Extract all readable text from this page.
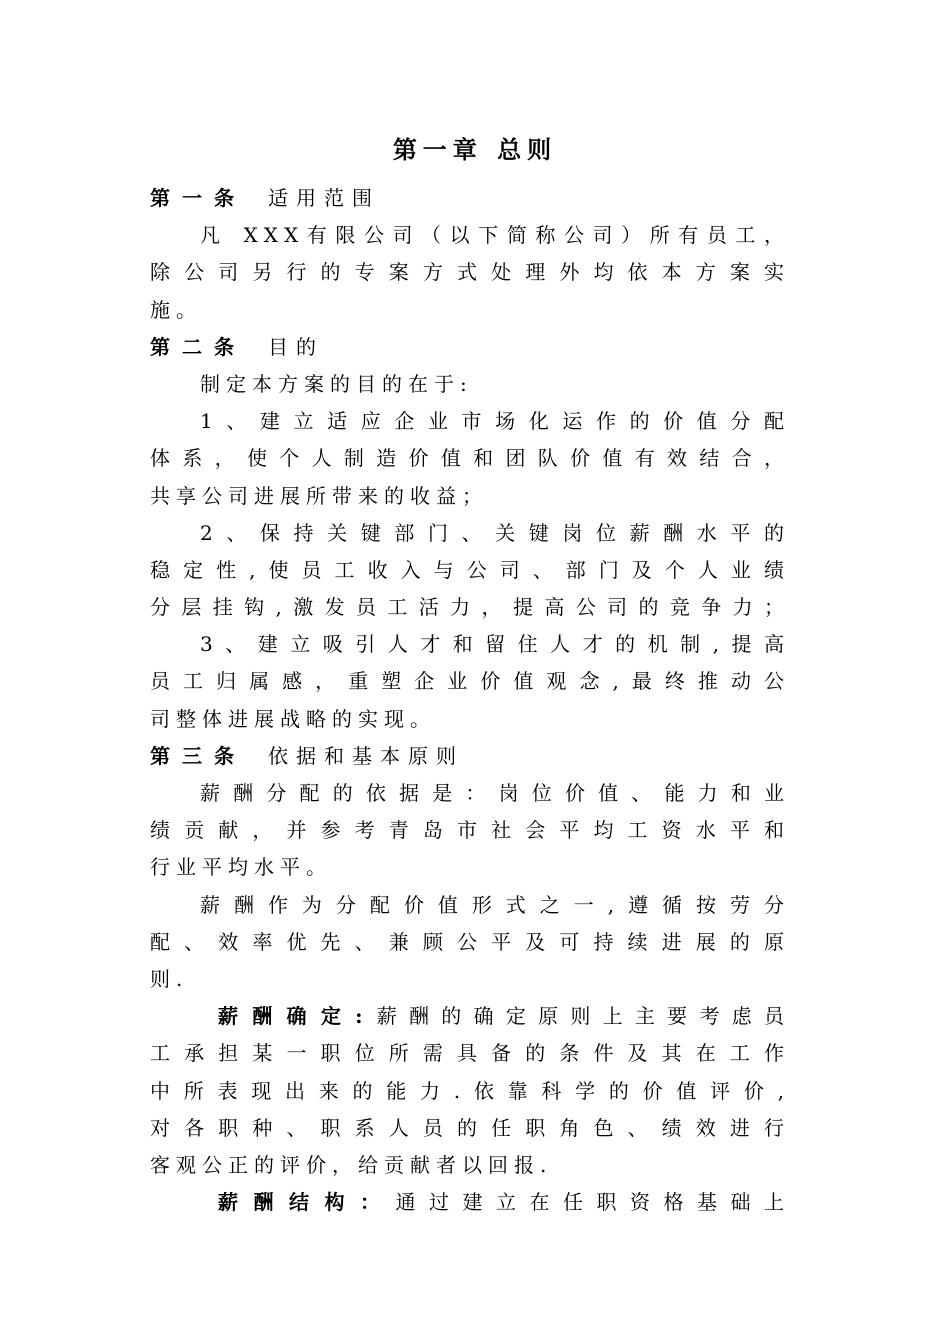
第一章 总则
第一条 适用范围
凡 XXX有限公司（以下简称公司）所有员工，
除公司另行的专案方式处理外均依本方案实
施。
第二条 目的
制定本方案的目的在于:
1、建立适应企业市场化运作的价值分配
体系，使个人制造价值和团队价值有效结合，
共享公司进展所带来的收益；
2、保持关键部门、关键岗位薪酬水平的
稳定性,使员工收入与公司、部门及个人业绩
分层挂钩,激发员工活力，提高公司的竞争力；
3、建立吸引人才和留住人才的机制,提高
员工归属感，重塑企业价值观念,最终推动公
司整体进展战略的实现。
第三条 依据和基本原则
薪酬分配的依据是：岗位价值、能力和业
绩贡献，并参考青岛市社会平均工资水平和
行业平均水平。
薪酬作为分配价值形式之一,遵循按劳分
配、效率优先、兼顾公平及可持续进展的原
则.
薪酬确定:薪酬的确定原则上主要考虑员
工承担某一职位所需具备的条件及其在工作
中所表现出来的能力.依靠科学的价值评价,
对各职种、职系人员的任职角色、绩效进行
客观公正的评价，给贡献者以回报.
薪酬结构：通过建立在任职资格基础上
